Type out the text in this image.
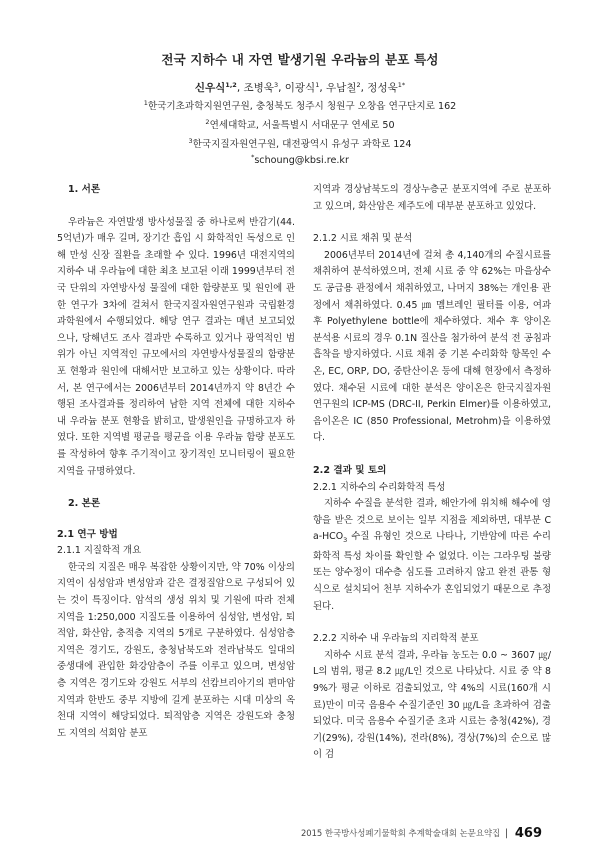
전국 지하수 내 자연 발생기원 우라늄의 분포 특성
신우식$^{1,2}$, 조병욱$^3$, 이광식$^1$, 우남칠$^2$, 정성욱$^{1*}$
$^1$한국기초과학지원연구원, 충청북도 청주시 청원구 오창읍 연구단지로 162
$^2$연세대학교, 서울특별시 서대문구 연세로 50
$^3$한국지질자원연구원, 대전광역시 유성구 과학로 124
*schoung@kbsi.re.kr

1. 서론

우라늄은 자연발생 방사성물질 중 하나로써 반감기(44.5억년)가 매우 길며, 장기간 흡입 시 화학적인 독성으로 인해 만성 신장 질환을 초래할 수 있다. 1996년 대전지역의 지하수 내 우라늄에 대한 최초 보고된 이래 1999년부터 전국 단위의 자연방사성 물질에 대한 함량분포 및 원인에 관한 연구가 3차에 걸쳐서 한국지질자원연구원과 국립환경과학원에서 수행되었다. 해당 연구 결과는 매년 보고되었으나, 당해년도 조사 결과만 수록하고 있거나 광역적인 범위가 아닌 지역적인 규모에서의 자연방사성물질의 함량분포 현황과 원인에 대해서만 보고하고 있는 상황이다. 따라서, 본 연구에서는 2006년부터 2014년까지 약 8년간 수행된 조사결과를 정리하여 남한 지역 전체에 대한 지하수 내 우라늄 분포 현황을 밝히고, 발생원인을 규명하고자 하였다. 또한 지역별 평균을 평균을 이용 우라늄 함량 분포도를 작성하여 향후 주기적이고 장기적인 모니터링이 필요한 지역을 규명하였다.

2. 본론

2.1 연구 방법

2.1.1 지질학적 개요

한국의 지질은 매우 복잡한 상황이지만, 약 70% 이상의 지역이 심성암과 변성암과 같은 결정질암으로 구성되어 있는 것이 특징이다. 암석의 생성 위치 및 기원에 따라 전체 지역을 1:250,000 지질도를 이용하여 심성암, 변성암, 퇴적암, 화산암, 충적층 지역의 5개로 구분하였다. 심성암층 지역은 경기도, 강원도, 충청남북도와 전라남북도 일대의 중생대에 관입한 화강암층이 주를 이루고 있으며, 변성암층 지역은 경기도와 강원도 서부의 선캄브리아기의 편마암 지역과 한반도 중부 지방에 길게 분포하는 시대 미상의 옥천대 지역이 해당되었다. 퇴적암층 지역은 강원도와 충청도 지역의 석회암 분포

지역과 경상남북도의 경상누층군 분포지역에 주로 분포하고 있으며, 화산암은 제주도에 대부분 분포하고 있었다.

2.1.2 시료 채취 및 분석

2006년부터 2014년에 걸쳐 총 4,140개의 수질시료를 채취하여 분석하였으며, 전체 시료 중 약 62%는 마을상수도 공급용 관정에서 채취하였고, 나머지 38%는 개인용 관정에서 채취하였다. 0.45 ㎛ 멤브레인 필터를 이용, 여과 후 Polyethylene bottle에 채수하였다. 채수 후 양이온 분석용 시료의 경우 0.1N 질산을 첨가하여 분석 전 공침과 흡착을 방지하였다. 시료 채취 중 기본 수리화학 항목인 수온, EC, ORP, DO, 중탄산이온 등에 대해 현장에서 측정하였다. 채수된 시료에 대한 분석은 양이온은 한국지질자원연구원의 ICP-MS (DRC-II, Perkin Elmer)를 이용하였고, 음이온은 IC (850 Professional, Metrohm)을 이용하였다.

2.2 결과 및 토의

2.2.1 지하수의 수리화학적 특성

지하수 수질을 분석한 결과, 해안가에 위치해 해수에 영향을 받은 것으로 보이는 일부 지점을 제외하면, 대부분 $Ca-HCO_3$ 수질 유형인 것으로 나타나, 기반암에 따른 수리화학적 특성 차이를 확인할 수 없었다. 이는 그라우팅 불량 또는 양수정이 대수층 심도를 고려하지 않고 완전 관통 형식으로 설치되어 천부 지하수가 혼입되었기 때문으로 추정된다.

2.2.2 지하수 내 우라늄의 지리학적 분포

지하수 시료 분석 결과, 우라늄 농도는 0.0 ~ 3607 ㎍/L의 범위, 평균 8.2 ㎍/L인 것으로 나타났다. 시료 중 약 89%가 평균 이하로 검출되었고, 약 4%의 시료(160개 시료)만이 미국 음용수 수질기준인 30 ㎍/L을 초과하여 검출되었다. 미국 음용수 수질기준 초과 시료는 충청(42%), 경기(29%), 강원(14%), 전라(8%), 경상(7%)의 순으로 많이 검

2015 한국방사성폐기물학회 추계학술대회 논문요약집 | 469
